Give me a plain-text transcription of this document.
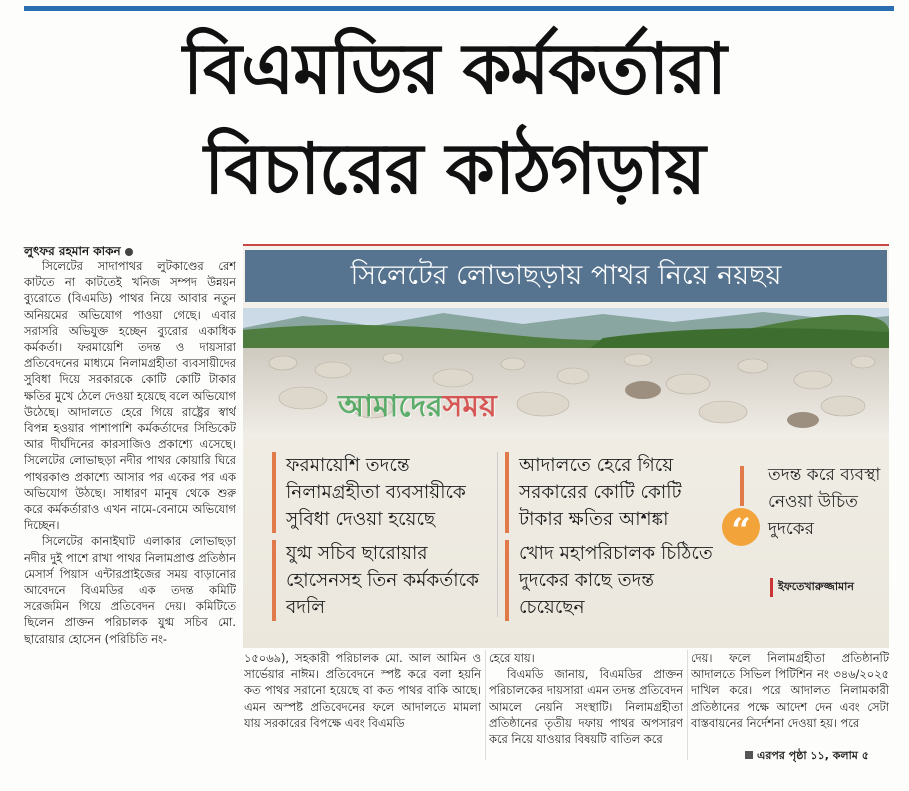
বিএমডির কর্মকর্তারা
বিচারের কাঠগড়ায়
লুৎফর রহমান কাকন

সিলেটের সাদাপাথর লুটকাণ্ডের রেশ কাটতে না কাটতেই খনিজ সম্পদ উন্নয়ন ব্যুরোতে (বিএমডি) পাথর নিয়ে আবার নতুন অনিয়মের অভিযোগ পাওয়া গেছে। এবার সরাসরি অভিযুক্ত হচ্ছেন ব্যুরোর একাধিক কর্মকর্তা। ফরমায়েশি তদন্ত ও দায়সারা প্রতিবেদনের মাধ্যমে নিলামগ্রহীতা ব্যবসায়ীদের সুবিধা দিয়ে সরকারকে কোটি কোটি টাকার ক্ষতির মুখে ঠেলে দেওয়া হয়েছে বলে অভিযোগ উঠেছে। আদালতে হেরে গিয়ে রাষ্ট্রের স্বার্থ বিপন্ন হওয়ার পাশাপাশি কর্মকর্তাদের সিন্ডিকেট আর দীর্ঘদিনের কারসাজিও প্রকাশ্যে এসেছে। সিলেটের লোভাছড়া নদীর পাথর কোয়ারি ঘিরে পাথরকাণ্ড প্রকাশ্যে আসার পর একের পর এক অভিযোগ উঠছে। সাধারণ মানুষ থেকে শুরু করে কর্মকর্তারাও এখন নামে-বেনামে অভিযোগ দিচ্ছেন।

সিলেটের কানাইঘাট এলাকার লোভাছড়া নদীর দুই পাশে রাখা পাথর নিলামপ্রাপ্ত প্রতিষ্ঠান মেসার্স পিয়াস এন্টারপ্রাইজের সময় বাড়ানোর আবেদনে বিএমডির এক তদন্ত কমিটি সরেজমিন গিয়ে প্রতিবেদন দেয়। কমিটিতে ছিলেন প্রাক্তন পরিচালক যুগ্ম সচিব মো. ছারোয়ার হোসেন (পরিচিতি নং-

সিলেটের লোভাছড়ায় পাথর নিয়ে নয়ছয়
আমাদেরসময়
ফরমায়েশি তদন্তে নিলামগ্রহীতা ব্যবসায়ীকে সুবিধা দেওয়া হয়েছে
যুগ্ম সচিব ছারোয়ার হোসেনসহ তিন কর্মকর্তাকে বদলি
আদালতে হেরে গিয়ে সরকারের কোটি কোটি টাকার ক্ষতির আশঙ্কা
খোদ মহাপরিচালক চিঠিতে দুদকের কাছে তদন্ত চেয়েছেন
“
তদন্ত করে ব্যবস্থা নেওয়া উচিত দুদকের
ইফতেখারুজ্জামান

১৫০৬৯), সহকারী পরিচালক মো. আল আমিন ও সার্ভেয়ার নাঈম। প্রতিবেদনে স্পষ্ট করে বলা হয়নি কত পাথর সরানো হয়েছে বা কত পাথর বাকি আছে। এমন অস্পষ্ট প্রতিবেদনের ফলে আদালতে মামলা যায় সরকারের বিপক্ষে এবং বিএমডি

হেরে যায়।

বিএমডি জানায়, বিএমডির প্রাক্তন পরিচালকের দায়সারা এমন তদন্ত প্রতিবেদন আমলে নেয়নি সংস্থাটি। নিলামগ্রহীতা প্রতিষ্ঠানের তৃতীয় দফায় পাথর অপসারণ করে নিয়ে যাওয়ার বিষয়টি বাতিল করে

দেয়। ফলে নিলামগ্রহীতা প্রতিষ্ঠানটি আদালতে সিভিল পিটিশিন নং ৩৪৬/২০২৫ দাখিল করে। পরে আদালত নিলামকারী প্রতিষ্ঠানের পক্ষে আদেশ দেন এবং সেটা বাস্তবায়নের নির্দেশনা দেওয়া হয়। পরে

এরপর পৃষ্ঠা ১১, কলাম ৫
